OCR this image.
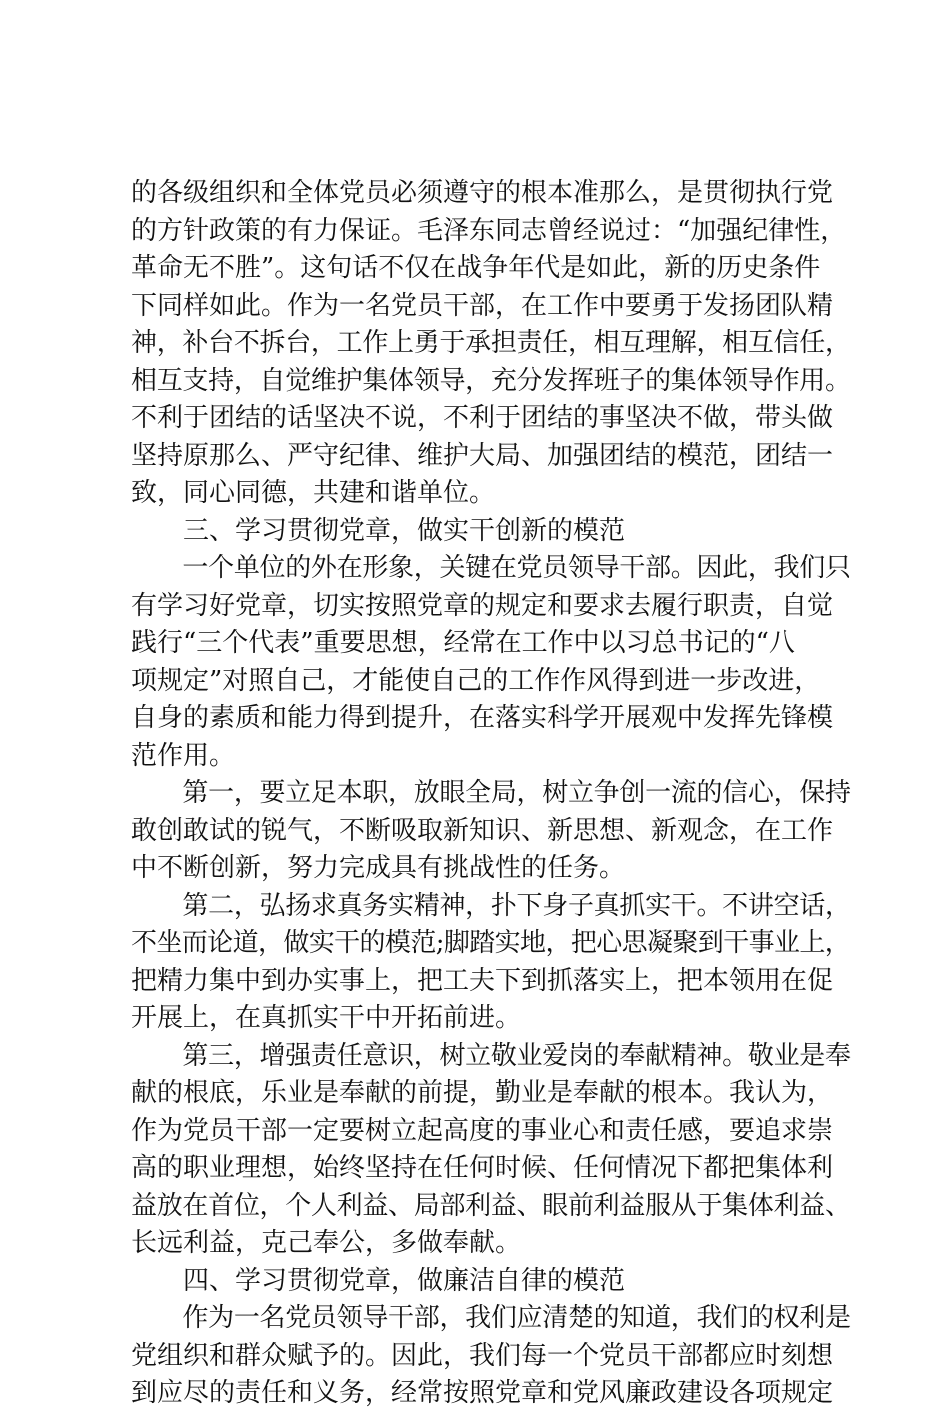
的各级组织和全体党员必须遵守的根本准那么，是贯彻执行党
的方针政策的有力保证。毛泽东同志曾经说过：“加强纪律性，
革命无不胜”。这句话不仅在战争年代是如此，新的历史条件
下同样如此。作为一名党员干部，在工作中要勇于发扬团队精
神，补台不拆台，工作上勇于承担责任，相互理解，相互信任，
相互支持，自觉维护集体领导，充分发挥班子的集体领导作用。
不利于团结的话坚决不说，不利于团结的事坚决不做，带头做
坚持原那么、严守纪律、维护大局、加强团结的模范，团结一
致，同心同德，共建和谐单位。
　　三、学习贯彻党章，做实干创新的模范
　　一个单位的外在形象，关键在党员领导干部。因此，我们只
有学习好党章，切实按照党章的规定和要求去履行职责，自觉
践行“三个代表”重要思想，经常在工作中以习总书记的“八
项规定”对照自己，才能使自己的工作作风得到进一步改进，
自身的素质和能力得到提升，在落实科学开展观中发挥先锋模
范作用。
　　第一，要立足本职，放眼全局，树立争创一流的信心，保持
敢创敢试的锐气，不断吸取新知识、新思想、新观念，在工作
中不断创新，努力完成具有挑战性的任务。
　　第二，弘扬求真务实精神，扑下身子真抓实干。不讲空话，
不坐而论道，做实干的模范;脚踏实地，把心思凝聚到干事业上，
把精力集中到办实事上，把工夫下到抓落实上，把本领用在促
开展上，在真抓实干中开拓前进。
　　第三，增强责任意识，树立敬业爱岗的奉献精神。敬业是奉
献的根底，乐业是奉献的前提，勤业是奉献的根本。我认为，
作为党员干部一定要树立起高度的事业心和责任感，要追求崇
高的职业理想，始终坚持在任何时候、任何情况下都把集体利
益放在首位，个人利益、局部利益、眼前利益服从于集体利益、
长远利益，克己奉公，多做奉献。
　　四、学习贯彻党章，做廉洁自律的模范
　　作为一名党员领导干部，我们应清楚的知道，我们的权利是
党组织和群众赋予的。因此，我们每一个党员干部都应时刻想
到应尽的责任和义务，经常按照党章和党风廉政建设各项规定
